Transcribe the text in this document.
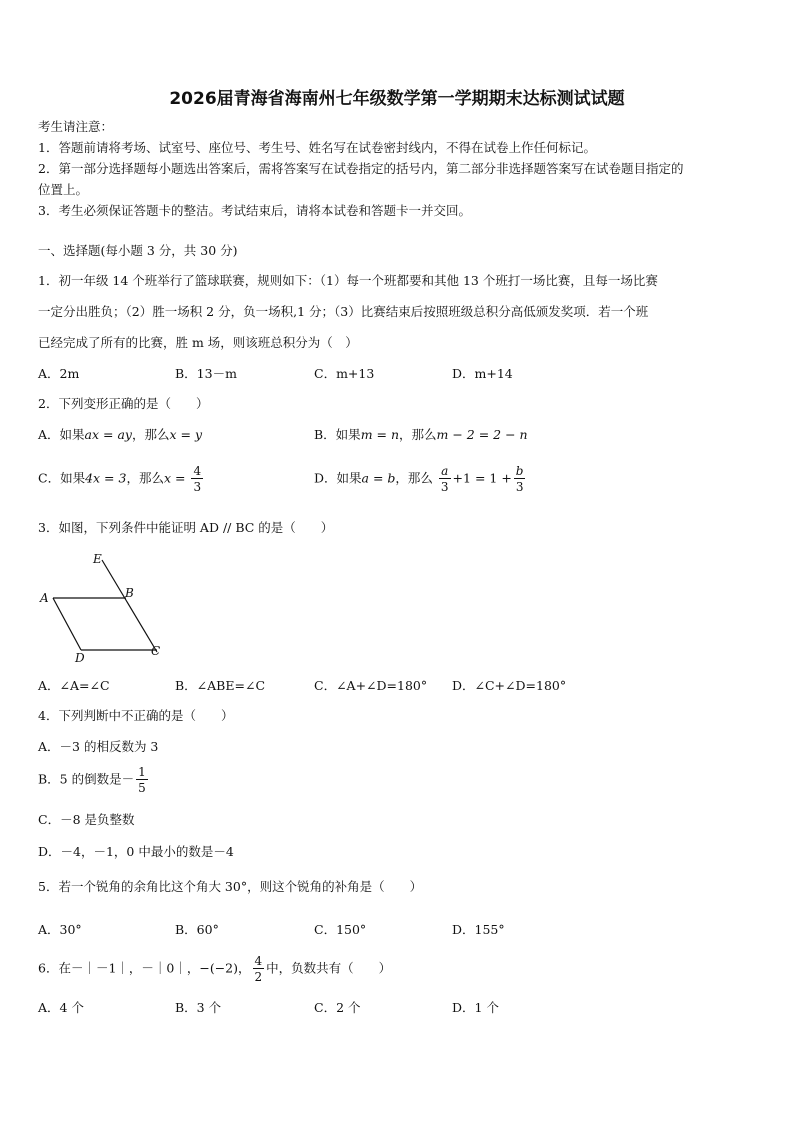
2026届青海省海南州七年级数学第一学期期末达标测试试题
考生请注意：
1．答题前请将考场、试室号、座位号、考生号、姓名写在试卷密封线内，不得在试卷上作任何标记。
2．第一部分选择题每小题选出答案后，需将答案写在试卷指定的括号内，第二部分非选择题答案写在试卷题目指定的
位置上。
3．考生必须保证答题卡的整洁。考试结束后，请将本试卷和答题卡一并交回。
一、选择题(每小题 3 分，共 30 分)
1．初一年级 14 个班举行了篮球联赛，规则如下：（1）每一个班都要和其他 13 个班打一场比赛，且每一场比赛
一定分出胜负；（2）胜一场积 2 分，负一场积,1 分；（3）比赛结束后按照班级总积分高低颁发奖项．若一个班
已经完成了所有的比赛，胜 m 场，则该班总积分为（　）
A．2m	B．13－m	C．m+13	D．m+14
2．下列变形正确的是（　　）
A．如果ax = ay，那么x = y	B．如果m = n，那么m − 2 = 2 − n
C．如果4x = 3，那么$x = \frac{4}{3}$	D．如果a = b，那么 $\frac{a}{3} +1 = 1 + \frac{b}{3}$
3．如图，下列条件中能证明 AD // BC 的是（　　）
E
A	B
D	C
A．∠A=∠C	B．∠ABE=∠C	C．∠A+∠D=180° D．∠C+∠D=180°
4．下列判断中不正确的是（　　）
A．－3 的相反数为 3
B．5 的倒数是－ $\frac{1}{5}$
C．－8 是负整数
D．－4，－1，0 中最小的数是－4
5．若一个锐角的余角比这个角大 30°，则这个锐角的补角是（　　）
A．30°	B．60°	C．150°	D．155°
6．在－｜－1｜，－｜0｜，−(−2)， $\frac{4}{2}$ 中，负数共有（　　）
A．4 个	B．3 个	C．2 个	D．1 个
